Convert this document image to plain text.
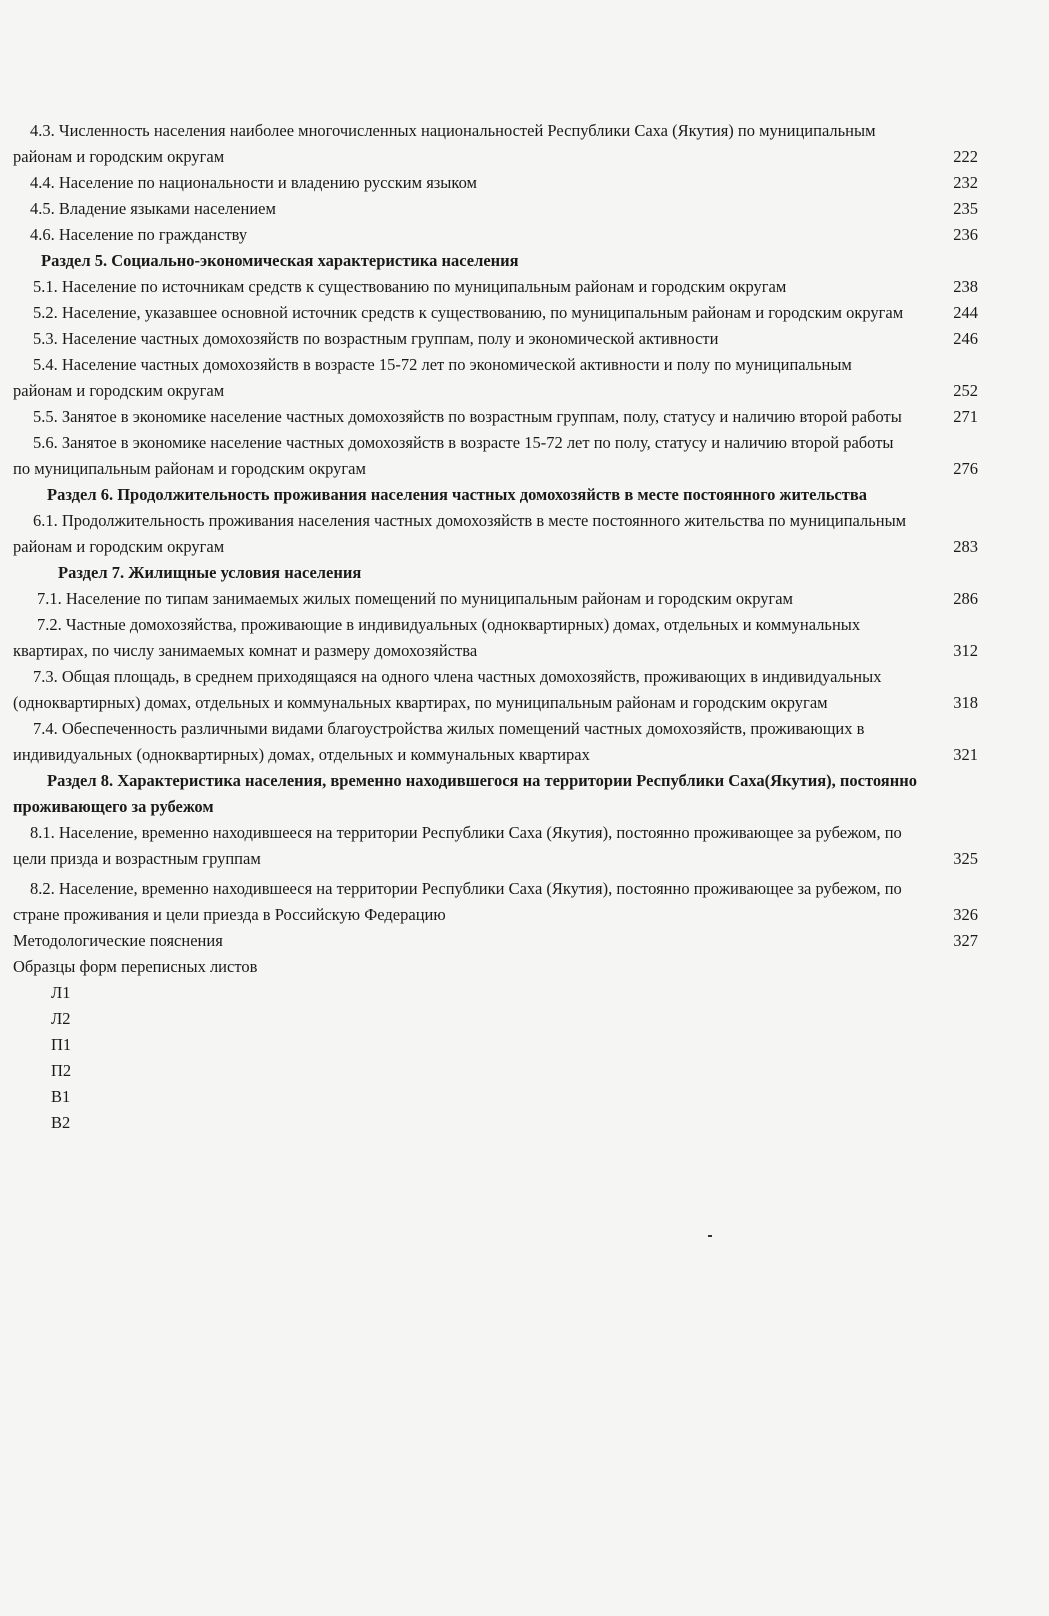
4.3. Численность населения наиболее многочисленных национальностей Республики Саха (Якутия) по муниципальным районам и городским округам	222
4.4. Население по национальности и владению русским языком	232
4.5. Владение языками населением	235
4.6. Население по гражданству	236
Раздел 5. Социально-экономическая характеристика населения
5.1. Население по источникам средств к существованию по муниципальным районам и городским округам	238
5.2. Население, указавшее основной источник средств к существованию, по муниципальным районам и городским округам	244
5.3. Население частных домохозяйств по возрастным группам, полу и экономической активности	246
5.4. Население частных домохозяйств в возрасте 15-72 лет по экономической активности и полу по муниципальным районам и городским округам	252
5.5. Занятое в экономике население частных домохозяйств по возрастным группам, полу, статусу и наличию второй работы	271
5.6. Занятое в экономике население частных домохозяйств в возрасте 15-72 лет по полу, статусу и наличию второй работы по муниципальным районам и городским округам	276
Раздел 6. Продолжительность проживания населения частных домохозяйств в месте постоянного жительства
6.1. Продолжительность проживания населения частных домохозяйств в месте постоянного жительства по муниципальным районам и городским округам	283
Раздел 7. Жилищные условия населения
7.1. Население по типам занимаемых жилых помещений по муниципальным районам и городским округам	286
7.2. Частные домохозяйства, проживающие в индивидуальных (одноквартирных) домах, отдельных и коммунальных квартирах, по числу занимаемых комнат и размеру домохозяйства	312
7.3. Общая площадь, в среднем приходящаяся на одного члена частных домохозяйств, проживающих в индивидуальных (одноквартирных) домах, отдельных и коммунальных квартирах, по муниципальным районам и городским округам	318
7.4. Обеспеченность различными видами благоустройства жилых помещений частных домохозяйств, проживающих в индивидуальных (одноквартирных) домах, отдельных и коммунальных квартирах	321
Раздел 8. Характеристика населения, временно находившегося на территории Республики Саха(Якутия), постоянно проживающего за рубежом
8.1. Население, временно находившееся на территории Республики Саха (Якутия), постоянно проживающее за рубежом, по цели призда и возрастным группам	325
8.2. Население, временно находившееся на территории Республики Саха (Якутия), постоянно проживающее за рубежом, по стране проживания и цели приезда в Российскую Федерацию	326
Методологические пояснения	327
Образцы форм переписных листов
Л1
Л2
П1
П2
В1
В2
